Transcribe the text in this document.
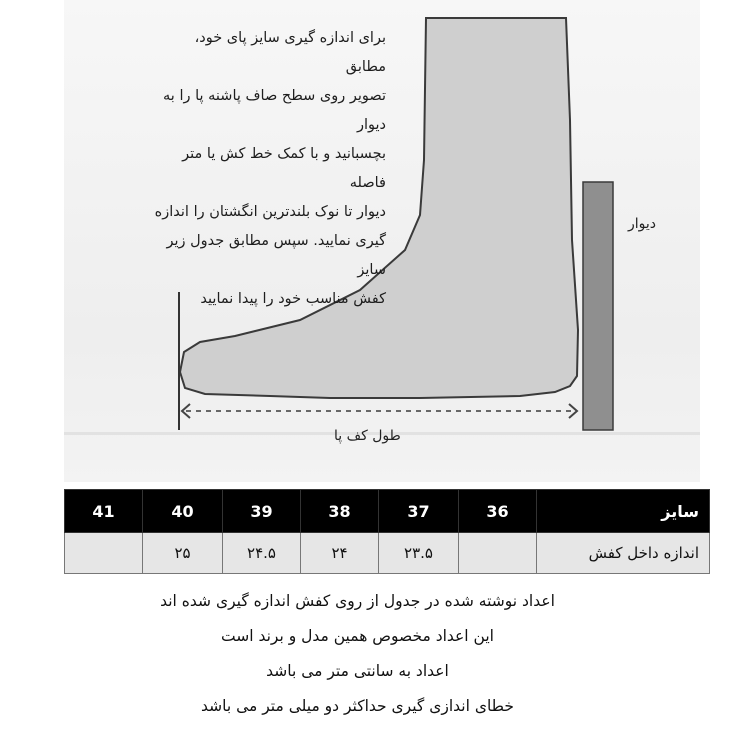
برای اندازه گیری سایز پای خود، مطابق
تصویر روی سطح صاف پاشنه پا را به دیوار
بچسبانید و با کمک خط کش یا متر فاصله
دیوار تا نوک بلندترین انگشتان را اندازه
گیری نمایید. سپس مطابق جدول زیر سایز
کفش مناسب خود را پیدا نمایید
دیوار
طول کف پا
41	40	39	38	37	36	سایز
	۲۵	۲۴.۵	۲۴	۲۳.۵		اندازه داخل کفش
اعداد نوشته شده در جدول از روی کفش اندازه گیری شده اند
این اعداد مخصوص همین مدل و برند است
اعداد به سانتی متر می باشد
خطای اندازی گیری حداکثر دو میلی متر می باشد
